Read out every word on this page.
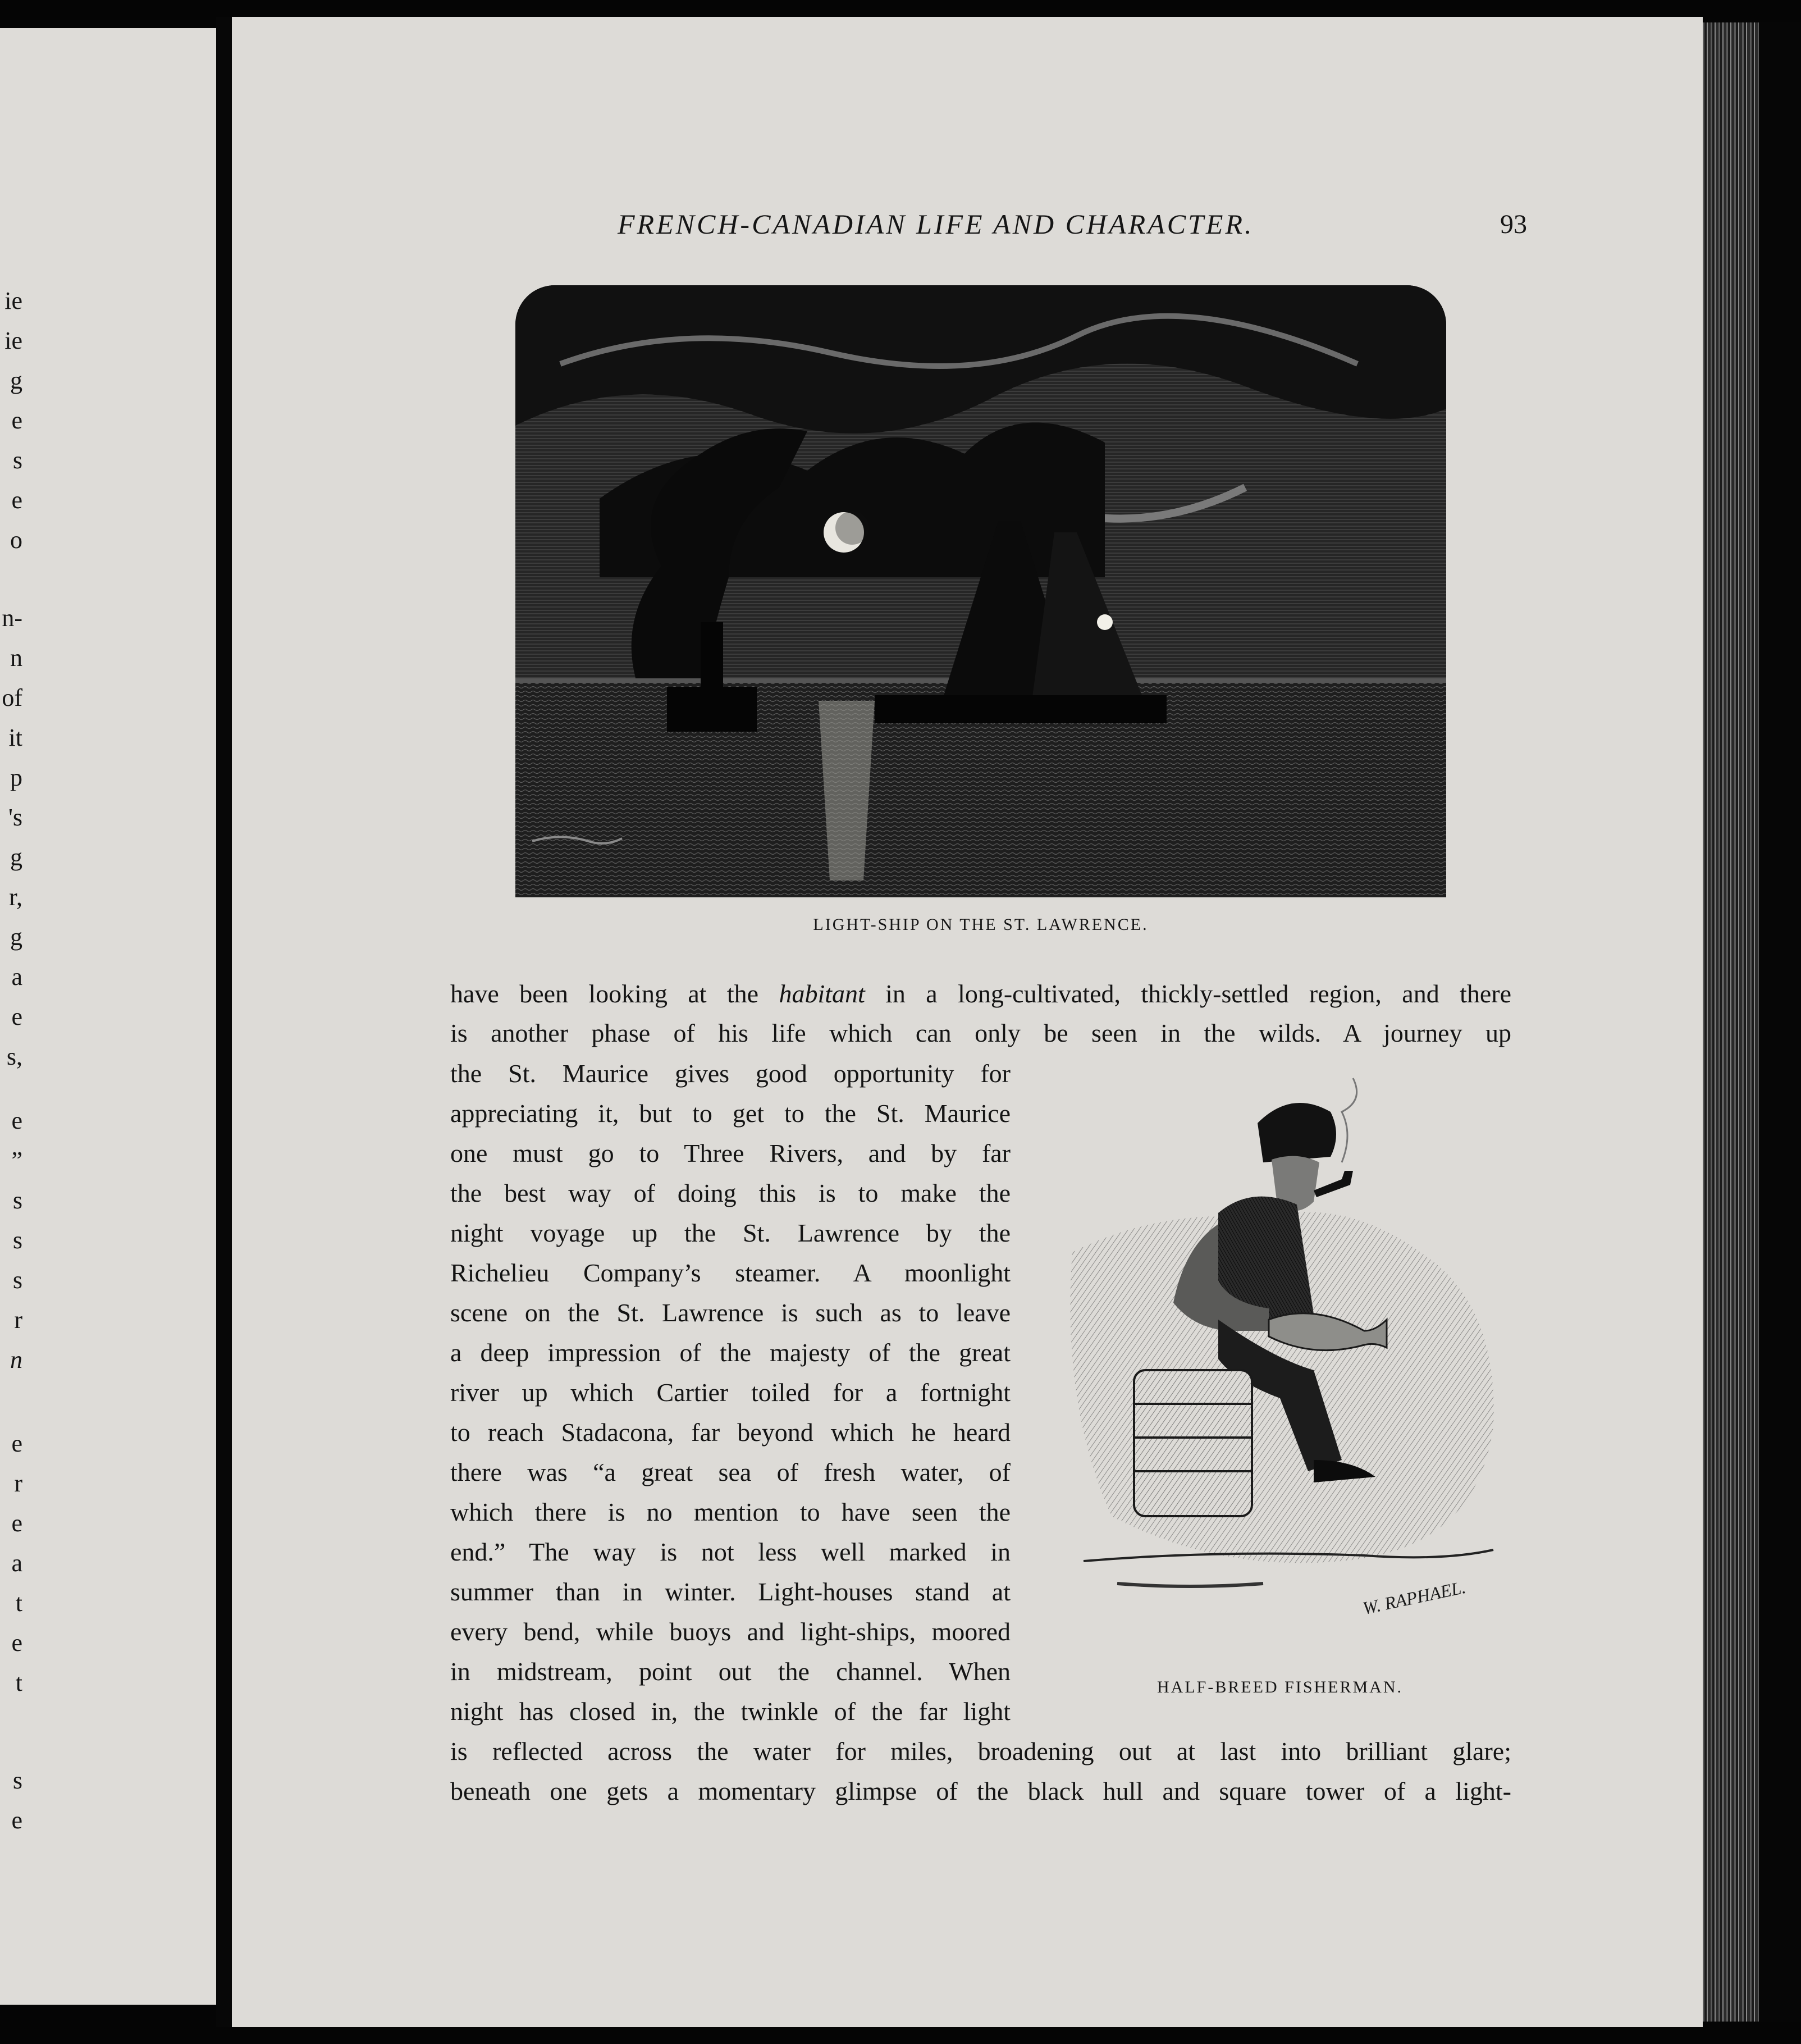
ie
ie
g
e
s
e
o
n-
n
of
it
p
's
g
r,
g
a
e
s,
e
”
s
s
s
r
n
e
r
e
a
t
e
t
s
e
FRENCH-CANADIAN LIFE AND CHARACTER.	93
LIGHT-SHIP ON THE ST. LAWRENCE.
have been looking at the habitant in a long-cultivated, thickly-settled region, and there
is another phase of his life which can only be seen in the wilds. A journey up
the St. Maurice gives good opportunity for
appreciating it, but to get to the St. Maurice
one must go to Three Rivers, and by far
the best way of doing this is to make the
night voyage up the St. Lawrence by the
Richelieu Company’s steamer. A moonlight
scene on the St. Lawrence is such as to leave
a deep impression of the majesty of the great
river up which Cartier toiled for a fortnight
to reach Stadacona, far beyond which he heard
there was “a great sea of fresh water, of
which there is no mention to have seen the
end.” The way is not less well marked in
summer than in winter. Light-houses stand at
every bend, while buoys and light-ships, moored
in midstream, point out the channel. When
night has closed in, the twinkle of the far light
W. RAPHAEL.
HALF-BREED FISHERMAN.
is reflected across the water for miles, broadening out at last into brilliant glare;
beneath one gets a momentary glimpse of the black hull and square tower of a light-
